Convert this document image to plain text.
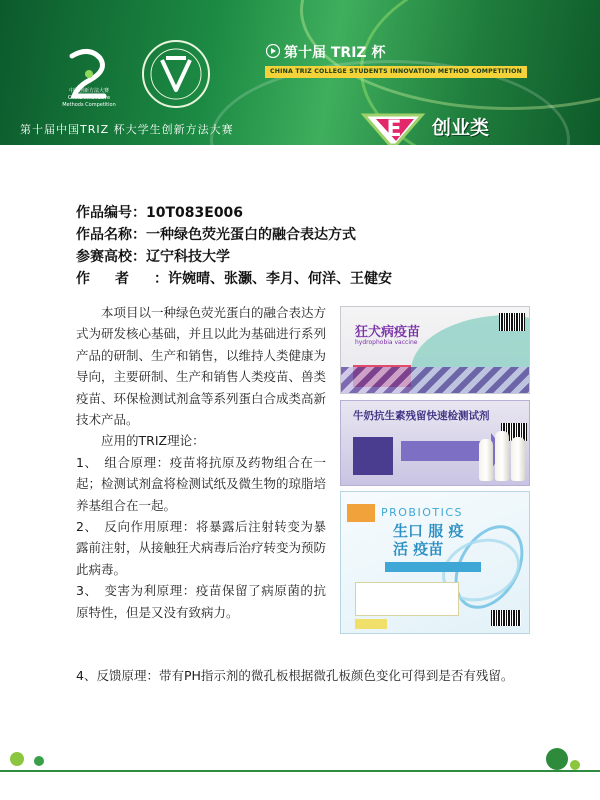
中国创新方法大赛
China Innovative
Methods Competition
第十届中国TRIZ 杯大学生创新方法大赛
第十届 TRIZ 杯
CHINA TRIZ COLLEGE STUDENTS INNOVATION METHOD COMPETITION
E	创业类
作品编号：10T083E006
作品名称：一种绿色荧光蛋白的融合表达方式
参赛高校：辽宁科技大学
作者：许婉晴、张灏、李月、何洋、王健安

本项目以一种绿色荧光蛋白的融合表达方式为研发核心基础，并且以此为基础进行系列产品的研制、生产和销售，以维持人类健康为导向，主要研制、生产和销售人类疫苗、兽类疫苗、环保检测试剂盒等系列蛋白合成类高新技术产品。

应用的TRIZ理论：

1、　组合原理：疫苗将抗原及药物组合在一起；检测试剂盒将检测试纸及微生物的琼脂培养基组合在一起。

2、　反向作用原理：将暴露后注射转变为暴露前注射，从接触狂犬病毒后治疗转变为预防此病毒。

3、　变害为利原理：疫苗保留了病原菌的抗原特性，但是又没有致病力。

4、反馈原理：带有PH指示剂的微孔板根据微孔板颜色变化可得到是否有残留。

狂犬病疫苗
hydrophobia vaccine
牛奶抗生素残留快速检测试剂
PROBIOTICS
生口 服 疫 活 疫苗
